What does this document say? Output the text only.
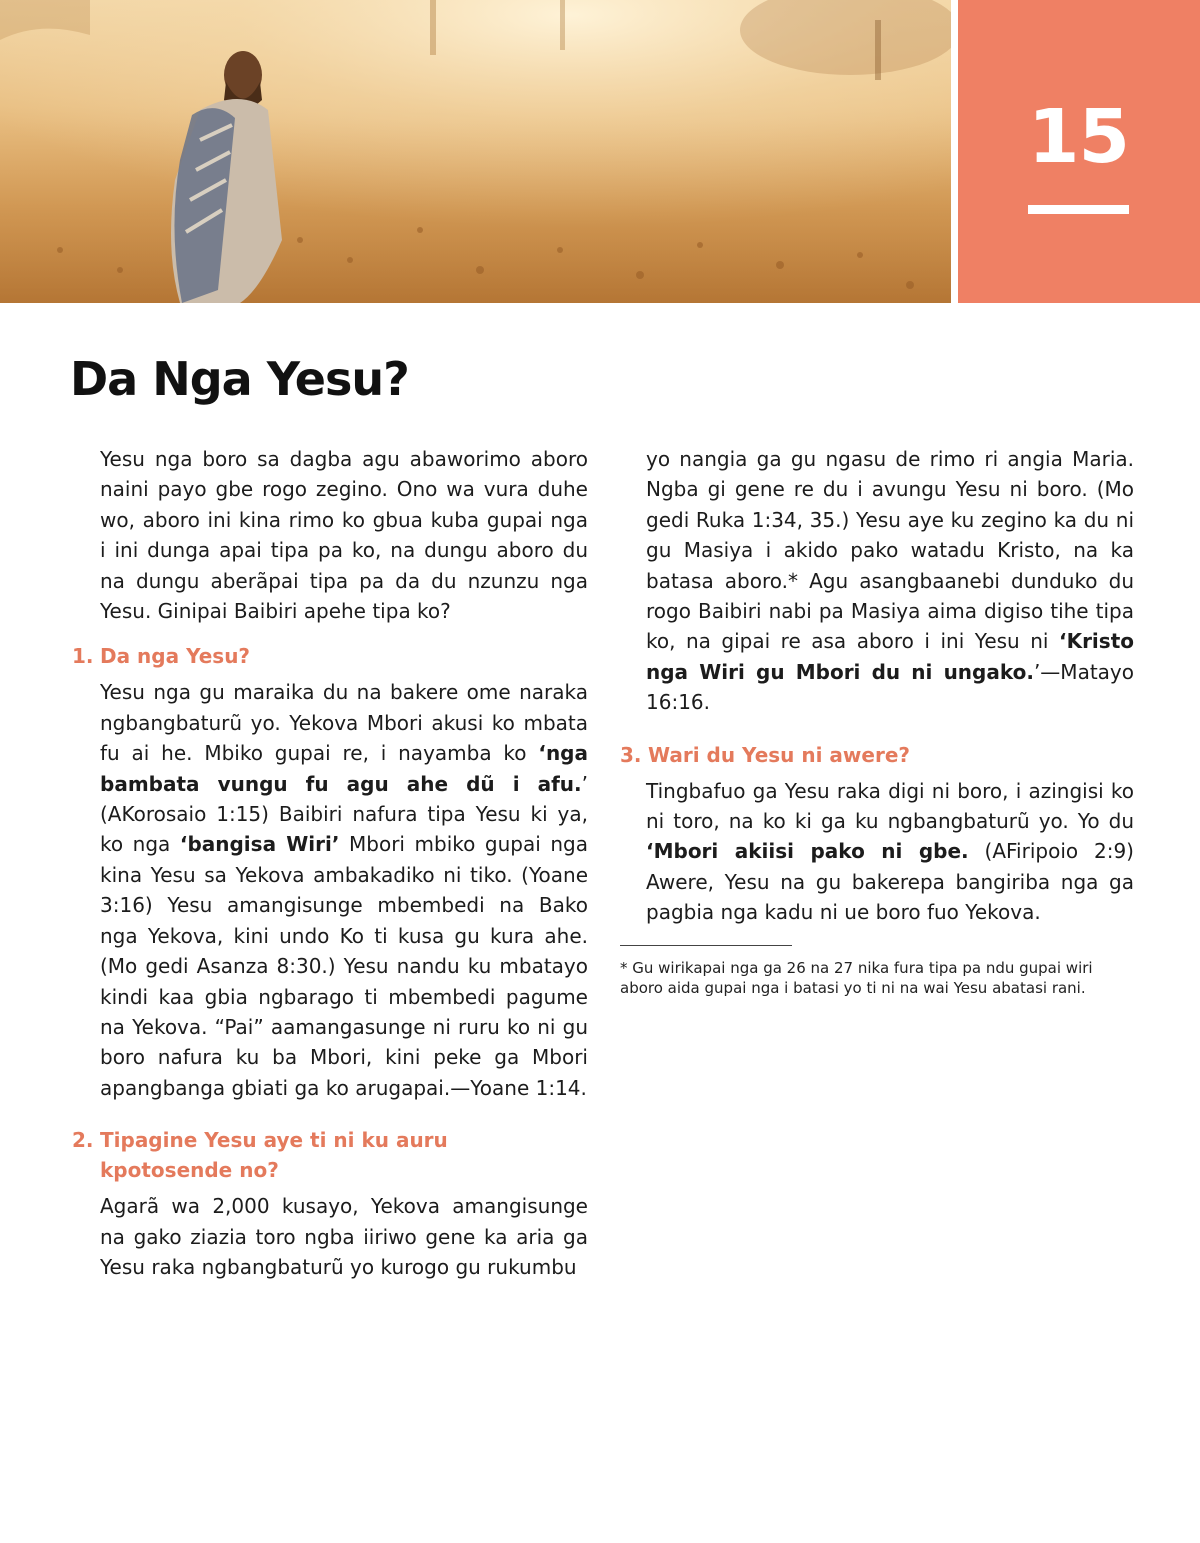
15
Da Nga Yesu?

Yesu nga boro sa dagba agu abaworimo aboro naini payo gbe rogo zegino. Ono wa vura duhe wo, aboro ini kina rimo ko gbua kuba gupai nga i ini dunga apai tipa pa ko, na dungu aboro du na dungu aberãpai tipa pa da du nzunzu nga Yesu. Ginipai Baibiri apehe tipa ko?

1. Da nga Yesu?

Yesu nga gu maraika du na bakere ome naraka ngbangbaturũ yo. Yekova Mbori akusi ko mbata fu ai he. Mbiko gupai re, i nayamba ko ‘nga bambata vungu fu agu ahe dũ i afu.’ (AKorosaio 1:15) Baibiri nafura tipa Yesu ki ya, ko nga ‘bangisa Wiri’ Mbori mbiko gupai nga kina Yesu sa Yekova ambakadiko ni tiko. (Yoane 3:16) Yesu amangisunge mbembedi na Bako nga Yekova, kini undo Ko ti kusa gu kura ahe. (Mo gedi Asanza 8:30.) Yesu nandu ku mbatayo kindi kaa gbia ngbarago ti mbembedi pagume na Yekova. “Pai” aamangasunge ni ruru ko ni gu boro nafura ku ba Mbori, kini peke ga Mbori apangbanga gbiati ga ko arugapai.—Yoane 1:14.

2. Tipagine Yesu aye ti ni ku auru
kpotosende no?

Agarã wa 2,000 kusayo, Yekova amangisunge na gako ziazia toro ngba iiriwo gene ka aria ga Yesu raka ngbangbaturũ yo kurogo gu rukumbu

yo nangia ga gu ngasu de rimo ri angia Maria. Ngba gi gene re du i avungu Yesu ni boro. (Mo gedi Ruka 1:34, 35.) Yesu aye ku zegino ka du ni gu Masiya i akido pako watadu Kristo, na ka batasa aboro.* Agu asangbaanebi dunduko du rogo Baibiri nabi pa Masiya aima digiso tihe tipa ko, na gipai re asa aboro i ini Yesu ni ‘Kristo nga Wiri gu Mbori du ni ungako.’—Matayo 16:16.

3. Wari du Yesu ni awere?

Tingbafuo ga Yesu raka digi ni boro, i azingisi ko ni toro, na ko ki ga ku ngbangbaturũ yo. Yo du ‘Mbori akiisi pako ni gbe. (AFiripoio 2:9) Awere, Yesu na gu bakerepa bangiriba nga ga pagbia nga kadu ni ue boro fuo Yekova.

* Gu wirikapai nga ga 26 na 27 nika fura tipa pa ndu gupai wiri aboro aida gupai nga i batasi yo ti ni na wai Yesu abatasi rani.
